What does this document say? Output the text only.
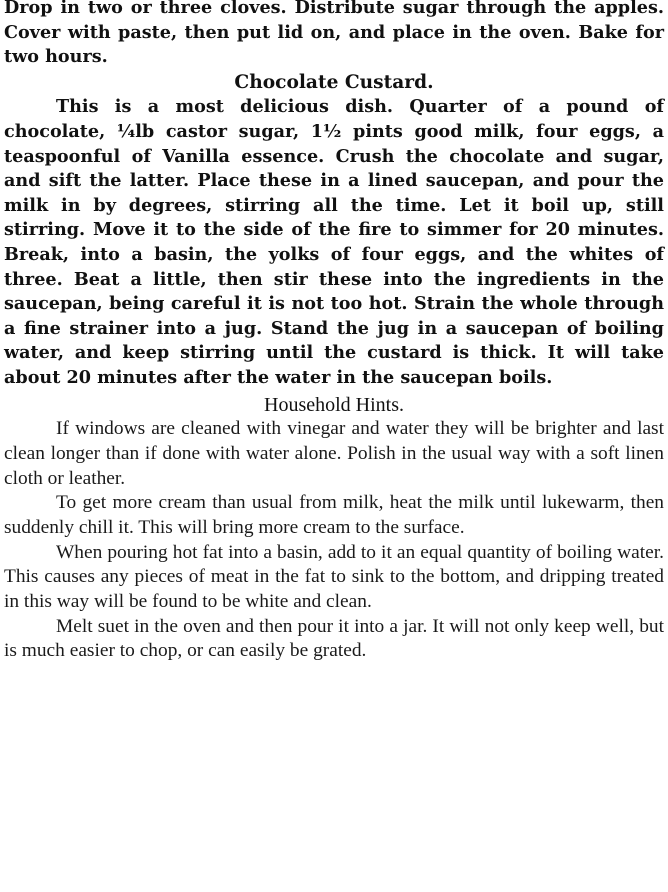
Drop in two or three cloves. Distribute sugar through the apples. Cover with paste, then put lid on, and place in the oven. Bake for two hours.

Chocolate Custard.

This is a most delicious dish. Quarter of a pound of chocolate, ¼lb castor sugar, 1½ pints good milk, four eggs, a teaspoonful of Vanilla essence. Crush the chocolate and sugar, and sift the latter. Place these in a lined saucepan, and pour the milk in by degrees, stirring all the time. Let it boil up, still stirring. Move it to the side of the fire to simmer for 20 minutes. Break, into a basin, the yolks of four eggs, and the whites of three. Beat a little, then stir these into the ingredients in the saucepan, being careful it is not too hot. Strain the whole through a fine strainer into a jug. Stand the jug in a saucepan of boiling water, and keep stirring until the custard is thick. It will take about 20 minutes after the water in the saucepan boils.

Household Hints.

If windows are cleaned with vinegar and water they will be brighter and last clean longer than if done with water alone. Polish in the usual way with a soft linen cloth or leather.

To get more cream than usual from milk, heat the milk until lukewarm, then suddenly chill it. This will bring more cream to the surface.

When pouring hot fat into a basin, add to it an equal quantity of boiling water. This causes any pieces of meat in the fat to sink to the bottom, and dripping treated in this way will be found to be white and clean.

Melt suet in the oven and then pour it into a jar. It will not only keep well, but is much easier to chop, or can easily be grated.
